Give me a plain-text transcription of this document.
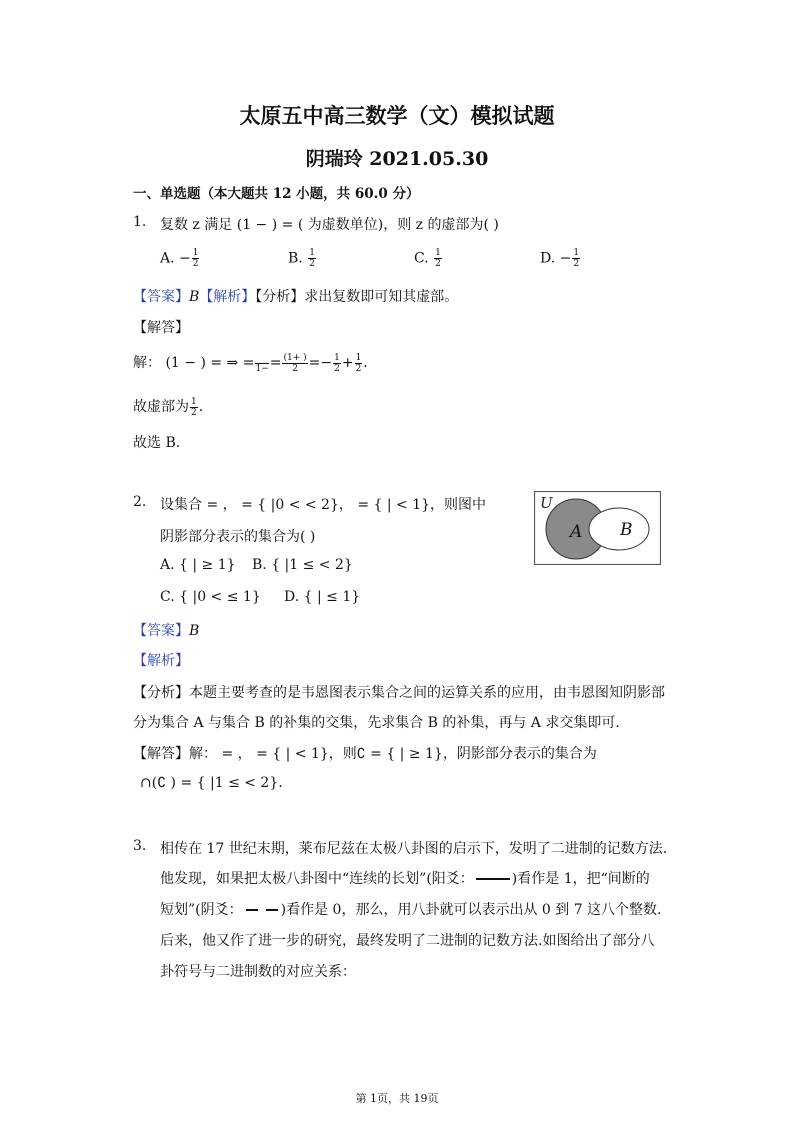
太原五中高三数学（文）模拟试题
阴瑞玲 2021.05.30
一、单选题（本大题共 12 小题，共 60.0 分）
1. 复数 z 满足 (1 − ) = ( 为虚数单位)，则 z 的虚部为( )
A. − $\frac{1}{2}$	B. $\frac{1}{2}$	C. $\frac{1}{2}$	D. − $\frac{1}{2}$
【答案】B【解析】【分析】求出复数即可知其虚部。
【解答】
解： (1 − ) = ⇒ =
$1- = \frac{(1+ )}{2} =- \frac{1}{2} + \frac{1}{2}$ ．
故虚部为 $\frac{1}{2}$ .
故选 B.
2. 设集合 = ， = { |0 < < 2}， = { | < 1}，则图中
阴影部分表示的集合为( )
A. { | ≥ 1} B. { |1 ≤ < 2}
C. { |0 < ≤ 1} D. { | ≤ 1}
U
A B
【答案】B
【解析】
【分析】本题主要考查的是韦恩图表示集合之间的运算关系的应用，由韦恩图知阴影部
分为集合 A 与集合 B 的补集的交集，先求集合 B 的补集，再与 A 求交集即可.
【解答】解： = ， = { | < 1}，则∁ = { | ≥ 1}，阴影部分表示的集合为
∩(∁ ) = { |1 ≤ < 2}.
3. 相传在 17 世纪末期，莱布尼兹在太极八卦图的启示下，发明了二进制的记数方法.
他发现，如果把太极八卦图中“连续的长划”(阳爻：	)看作是 1，把“间断的
短划”(阴爻：	)看作是 0，那么，用八卦就可以表示出从 0 到 7 这八个整数.
后来，他又作了进一步的研究，最终发明了二进制的记数方法.如图给出了部分八
卦符号与二进制数的对应关系：
第 1页，共 19页
